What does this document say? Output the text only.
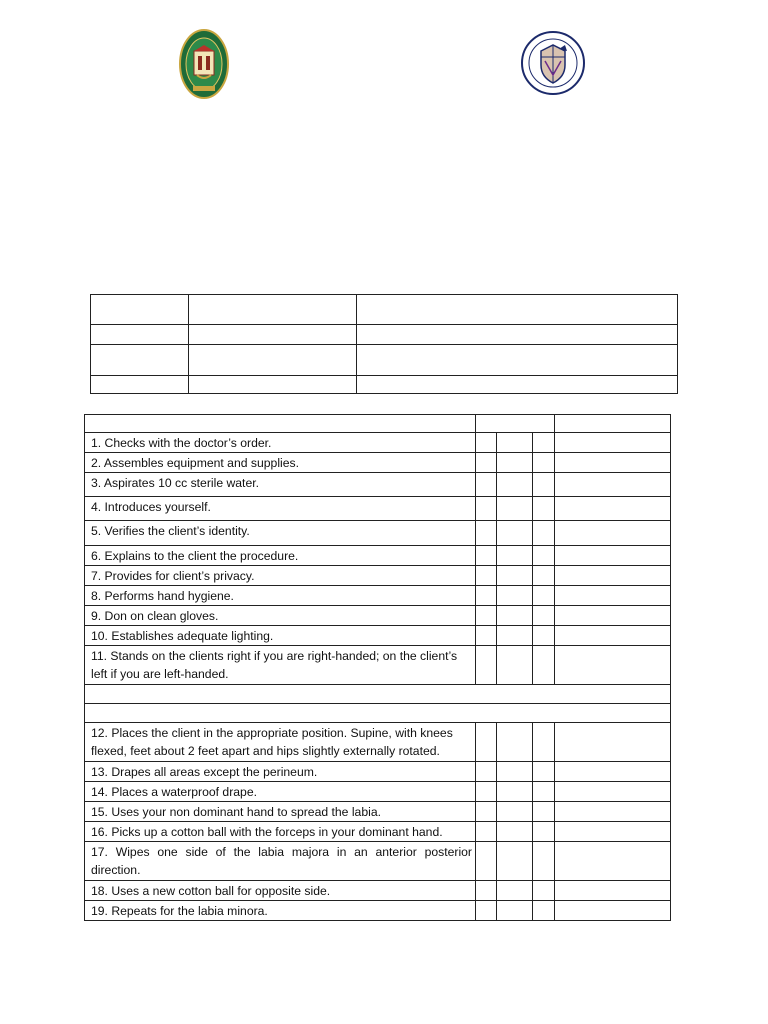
1. Checks with the doctor’s order.				
2. Assembles equipment and supplies.				
3. Aspirates 10 cc sterile water.				
4. Introduces yourself.				
5. Verifies the client’s identity.				
6. Explains to the client the procedure.				
7. Provides for client’s privacy.				
8. Performs hand hygiene.				
9. Don on clean gloves.				
10. Establishes adequate lighting.				
11. Stands on the clients right if you are right-handed; on the client’s left if you are left-handed.				

12. Places the client in the appropriate position. Supine, with knees flexed, feet about 2 feet apart and hips slightly externally rotated.				
13. Drapes all areas except the perineum.				
14. Places a waterproof drape.				
15. Uses your non dominant hand to spread the labia.				
16. Picks up a cotton ball with the forceps in your dominant hand.				
17. Wipes one side of the labia majora in an anterior posterior direction.				
18. Uses a new cotton ball for opposite side.				
19. Repeats for the labia minora.				
